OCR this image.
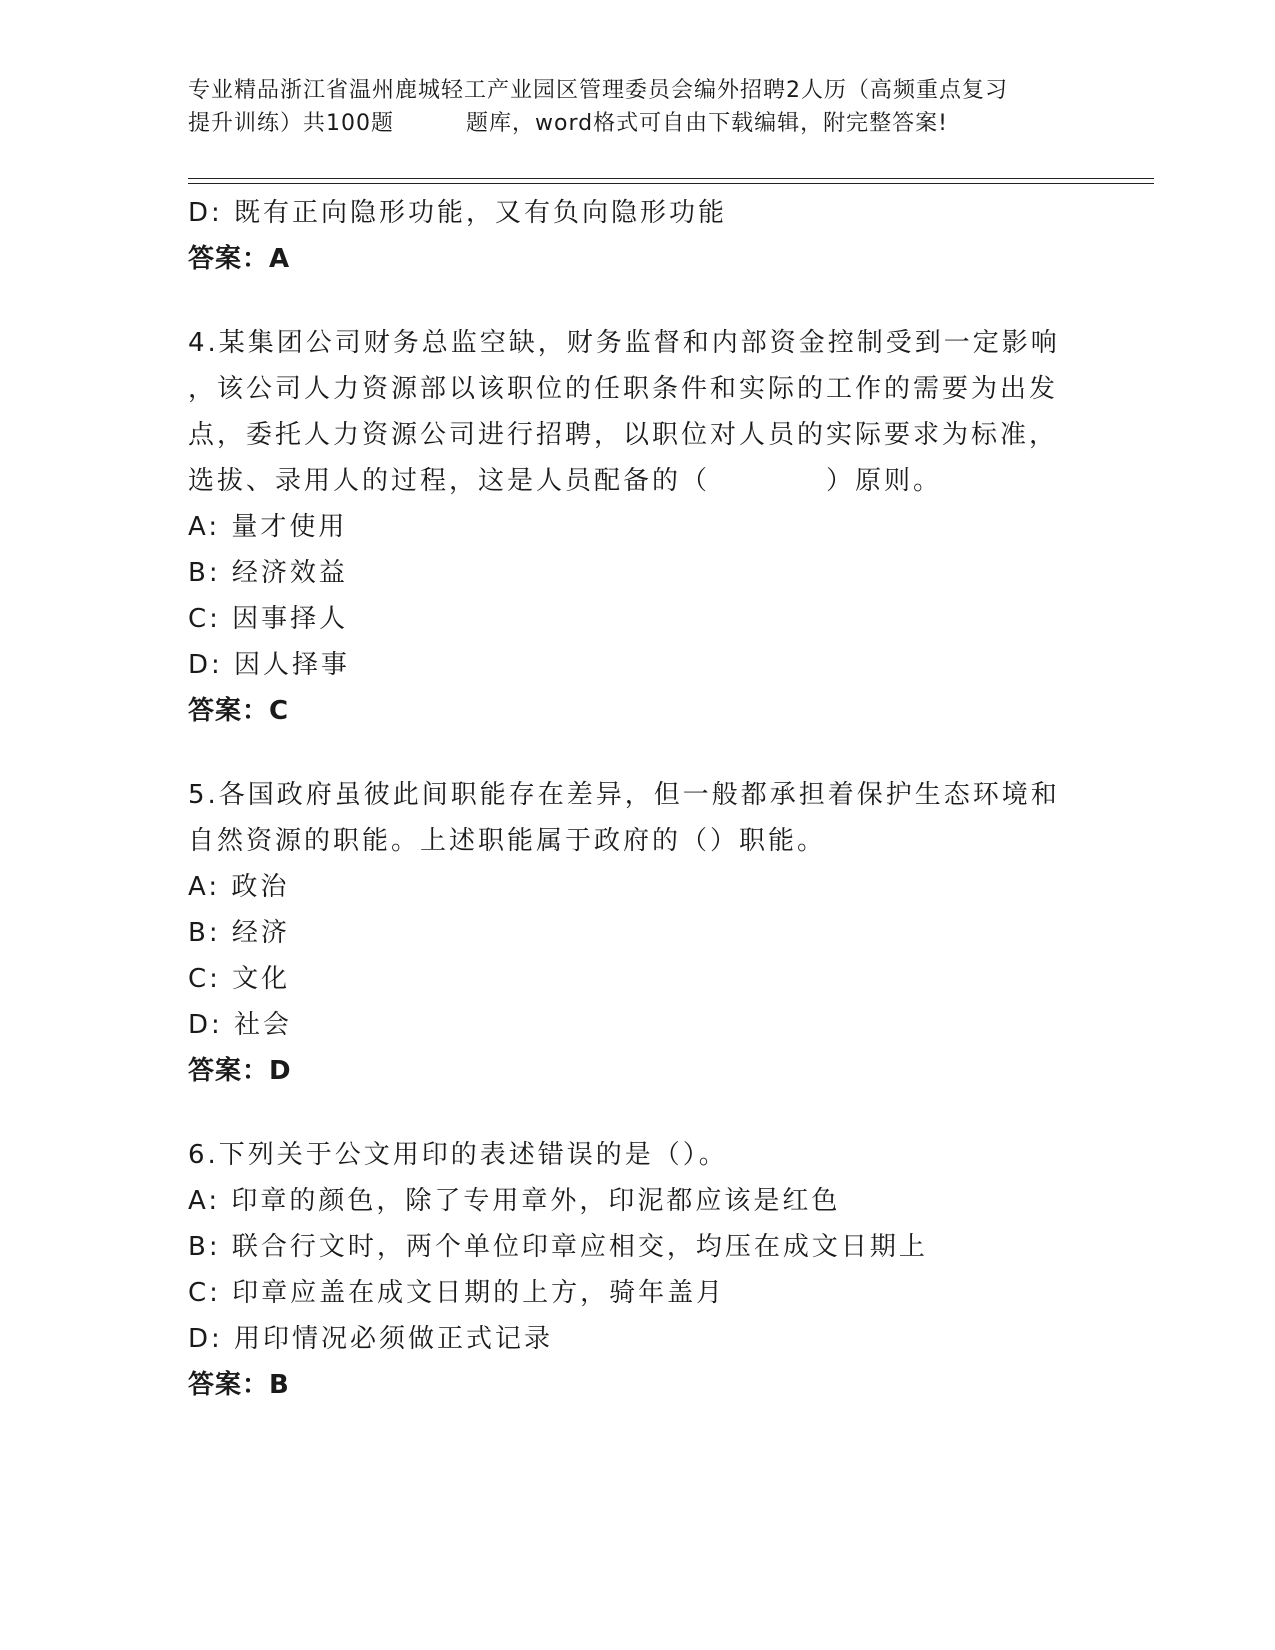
专业精品浙江省温州鹿城轻工产业园区管理委员会编外招聘2人历（高频重点复习
提升训练）共100题	题库，word格式可自由下载编辑，附完整答案!
D: 既有正向隐形功能，又有负向隐形功能
答案：A
4.某集团公司财务总监空缺，财务监督和内部资金控制受到一定影响
，该公司人力资源部以该职位的任职条件和实际的工作的需要为出发
点，委托人力资源公司进行招聘，以职位对人员的实际要求为标准，
选拔、录用人的过程，这是人员配备的（　　　　）原则。
A: 量才使用
B: 经济效益
C: 因事择人
D: 因人择事
答案：C
5.各国政府虽彼此间职能存在差异，但一般都承担着保护生态环境和
自然资源的职能。上述职能属于政府的（）职能。
A: 政治
B: 经济
C: 文化
D: 社会
答案：D
6.下列关于公文用印的表述错误的是（）。
A: 印章的颜色，除了专用章外，印泥都应该是红色
B: 联合行文时，两个单位印章应相交，均压在成文日期上
C: 印章应盖在成文日期的上方，骑年盖月
D: 用印情况必须做正式记录
答案：B
